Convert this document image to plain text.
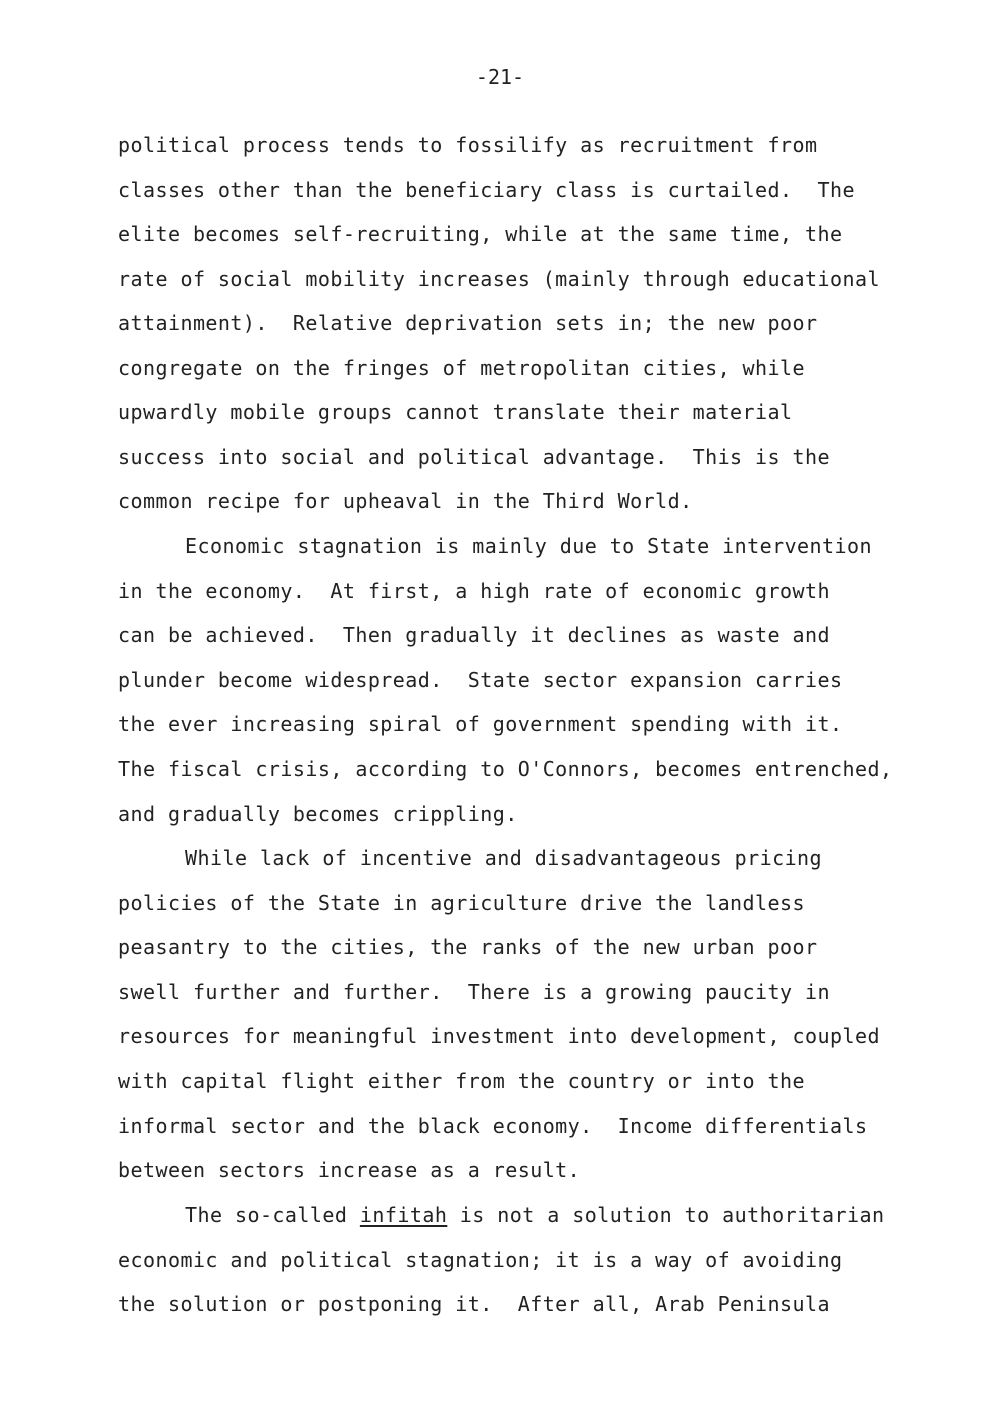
-21-
political process tends to fossilify as recruitment from
classes other than the beneficiary class is curtailed.  The
elite becomes self-recruiting, while at the same time, the
rate of social mobility increases (mainly through educational
attainment).  Relative deprivation sets in; the new poor
congregate on the fringes of metropolitan cities, while
upwardly mobile groups cannot translate their material
success into social and political advantage.  This is the
common recipe for upheaval in the Third World.
Economic stagnation is mainly due to State intervention
in the economy.  At first, a high rate of economic growth
can be achieved.  Then gradually it declines as waste and
plunder become widespread.  State sector expansion carries
the ever increasing spiral of government spending with it.
The fiscal crisis, according to O'Connors, becomes entrenched,
and gradually becomes crippling.
While lack of incentive and disadvantageous pricing
policies of the State in agriculture drive the landless
peasantry to the cities, the ranks of the new urban poor
swell further and further.  There is a growing paucity in
resources for meaningful investment into development, coupled
with capital flight either from the country or into the
informal sector and the black economy.  Income differentials
between sectors increase as a result.
The so-called infitah is not a solution to authoritarian
economic and political stagnation; it is a way of avoiding
the solution or postponing it.  After all, Arab Peninsula
